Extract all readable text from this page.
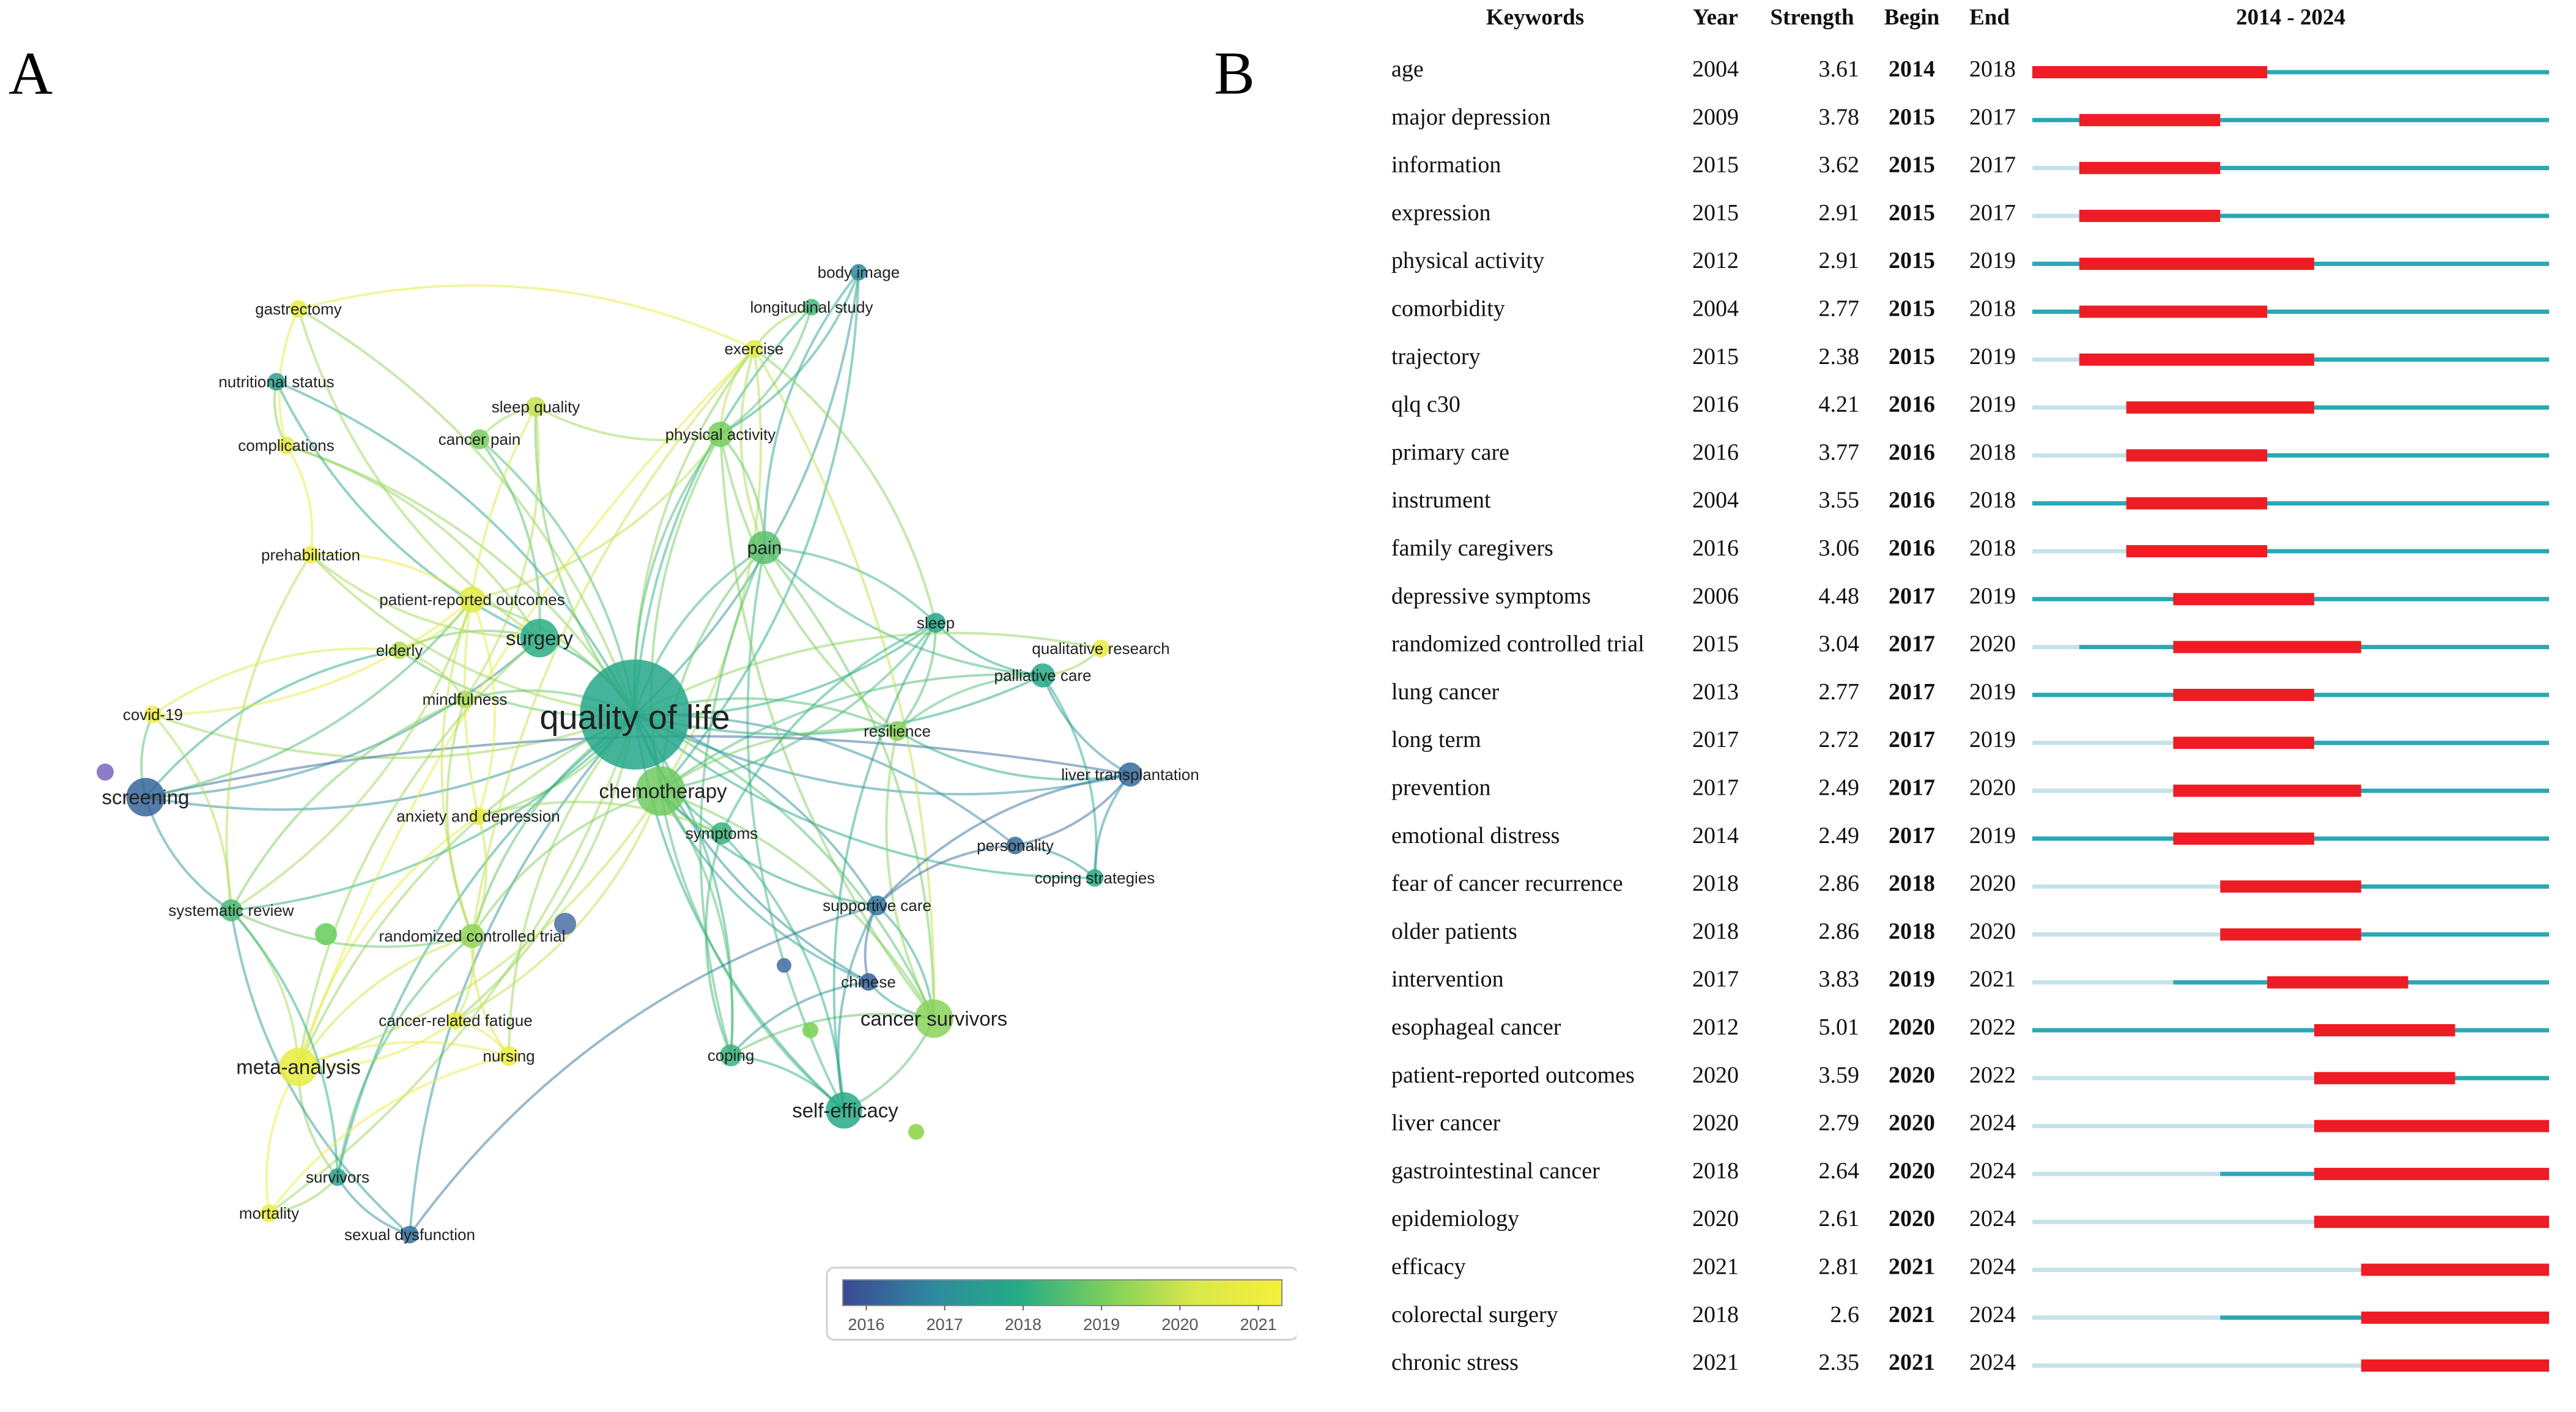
A	B
quality of life
chemotherapy
surgery
screening
meta-analysis
cancer survivors
self-efficacy
pain
body image
longitudinal study
gastrectomy
exercise
nutritional status
sleep quality
cancer pain	physical activity
complications
prehabilitation
patient-reported outcomes
elderly
sleep
qualitative research
palliative care
covid-19
mindfulness
resilience
liver transplantation
anxiety and depression
symptoms
personality
coping strategies
systematic review
randomized controlled trial
supportive care
chinese
cancer-related fatigue
nursing	coping
survivors
mortality
sexual dysfunction
2016	2017	2018	2019	2020	2021
Keywords	Year Strength Begin End	2014 - 2024
age	2004	3.61 2014 2018
major depression	2009	3.78 2015 2017
information	2015	3.62 2015 2017
expression	2015	2.91 2015 2017
physical activity	2012	2.91 2015 2019
comorbidity	2004	2.77 2015 2018
trajectory	2015	2.38 2015 2019
qlq c30	2016	4.21 2016 2019
primary care	2016	3.77 2016 2018
instrument	2004	3.55 2016 2018
family caregivers	2016	3.06 2016 2018
depressive symptoms	2006	4.48 2017 2019
randomized controlled trial 2015	3.04 2017 2020
lung cancer	2013	2.77 2017 2019
long term	2017	2.72 2017 2019
prevention	2017	2.49 2017 2020
emotional distress	2014	2.49 2017 2019
fear of cancer recurrence	2018	2.86 2018 2020
older patients	2018	2.86 2018 2020
intervention	2017	3.83 2019 2021
esophageal cancer	2012	5.01 2020 2022
patient-reported outcomes 2020	3.59 2020 2022
liver cancer	2020	2.79 2020 2024
gastrointestinal cancer	2018	2.64 2020 2024
epidemiology	2020	2.61 2020 2024
efficacy	2021	2.81 2021 2024
colorectal surgery	2018	2.6 2021 2024
chronic stress	2021	2.35 2021 2024
